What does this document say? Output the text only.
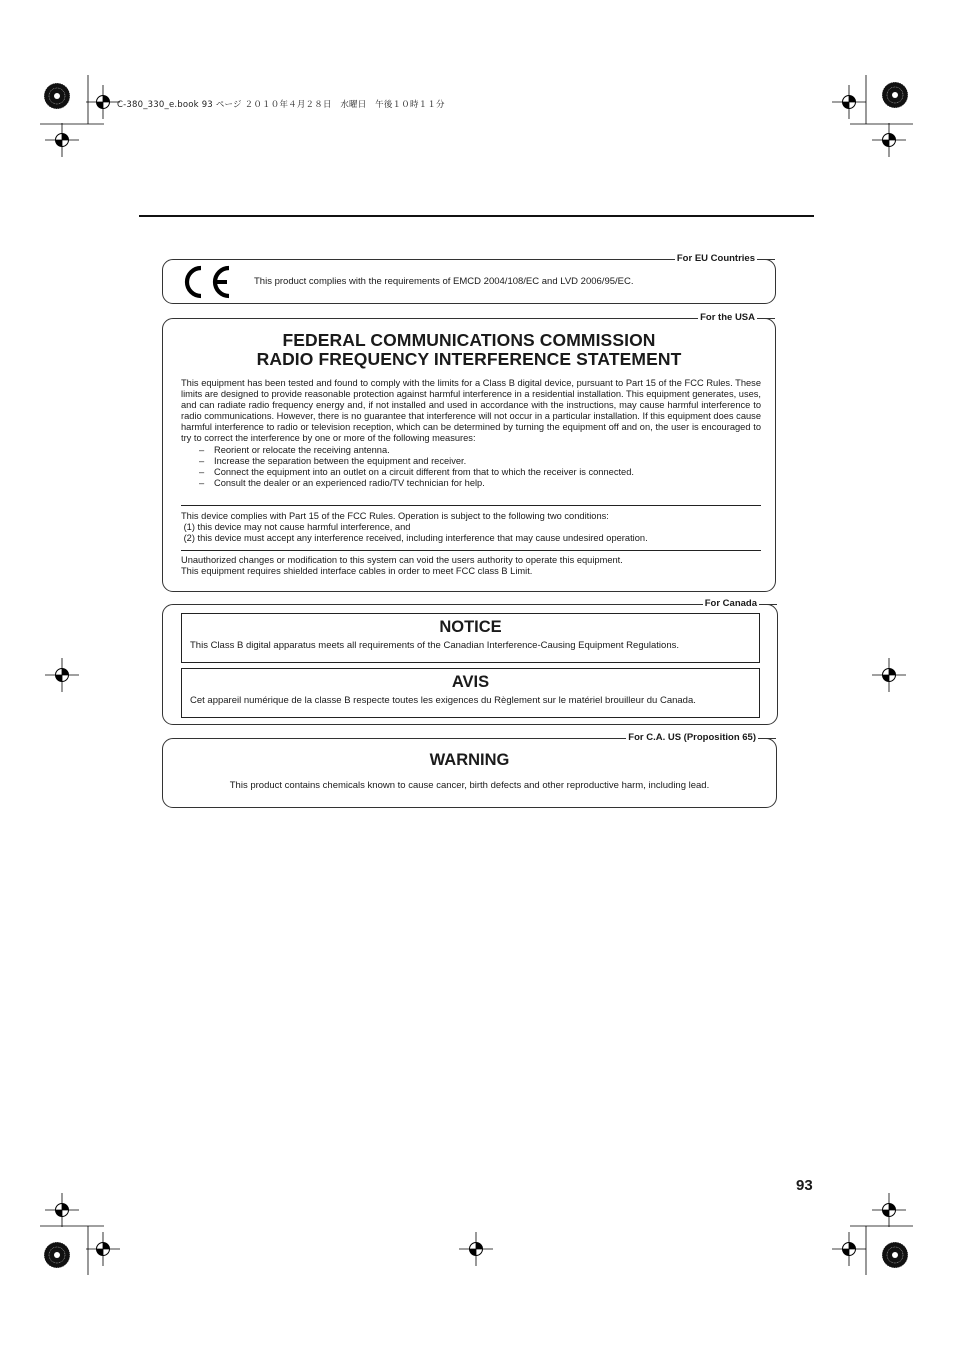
C-380_330_e.book 93 ページ ２０１０年４月２８日　水曜日　午後１０時１１分
For EU Countries
This product complies with the requirements of EMCD 2004/108/EC and LVD 2006/95/EC.
For the USA
FEDERAL COMMUNICATIONS COMMISSION
RADIO FREQUENCY INTERFERENCE STATEMENT
This equipment has been tested and found to comply with the limits for a Class B digital device, pursuant to Part 15 of the FCC Rules. These limits are designed to provide reasonable protection against harmful interference in a residential installation. This equipment generates, uses, and can radiate radio frequency energy and, if not installed and used in accordance with the instructions, may cause harmful interference to radio communications. However, there is no guarantee that interference will not occur in a particular installation. If this equipment does cause harmful interference to radio or television reception, which can be determined by turning the equipment off and on, the user is encouraged to try to correct the interference by one or more of the following measures:
– Reorient or relocate the receiving antenna.
– Increase the separation between the equipment and receiver.
– Connect the equipment into an outlet on a circuit different from that to which the receiver is connected.
– Consult the dealer or an experienced radio/TV technician for help.
This device complies with Part 15 of the FCC Rules. Operation is subject to the following two conditions:
(1) this device may not cause harmful interference, and
(2) this device must accept any interference received, including interference that may cause undesired operation.
Unauthorized changes or modification to this system can void the users authority to operate this equipment.
This equipment requires shielded interface cables in order to meet FCC class B Limit.
For Canada
NOTICE
This Class B digital apparatus meets all requirements of the Canadian Interference-Causing Equipment Regulations.
AVIS
Cet appareil numérique de la classe B respecte toutes les exigences du Règlement sur le matériel brouilleur du Canada.
For C.A. US (Proposition 65)
WARNING
This product contains chemicals known to cause cancer, birth defects and other reproductive harm, including lead.
93
